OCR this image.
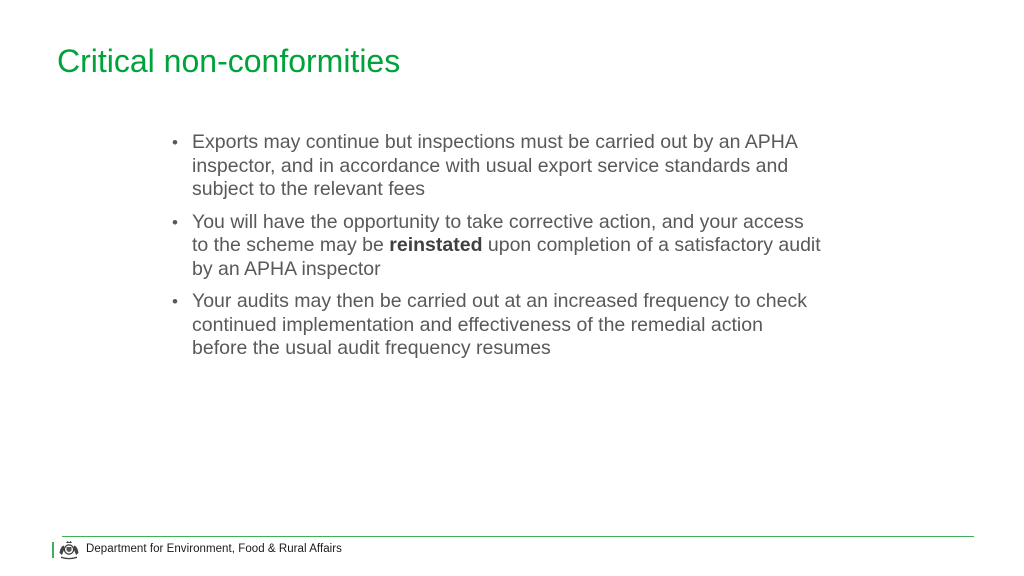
Critical non-conformities
• Exports may continue but inspections must be carried out by an APHA inspector, and in accordance with usual export service standards and subject to the relevant fees
• You will have the opportunity to take corrective action, and your access to the scheme may be reinstated upon completion of a satisfactory audit by an APHA inspector
• Your audits may then be carried out at an increased frequency to check continued implementation and effectiveness of the remedial action before the usual audit frequency resumes
Department for Environment, Food & Rural Affairs
